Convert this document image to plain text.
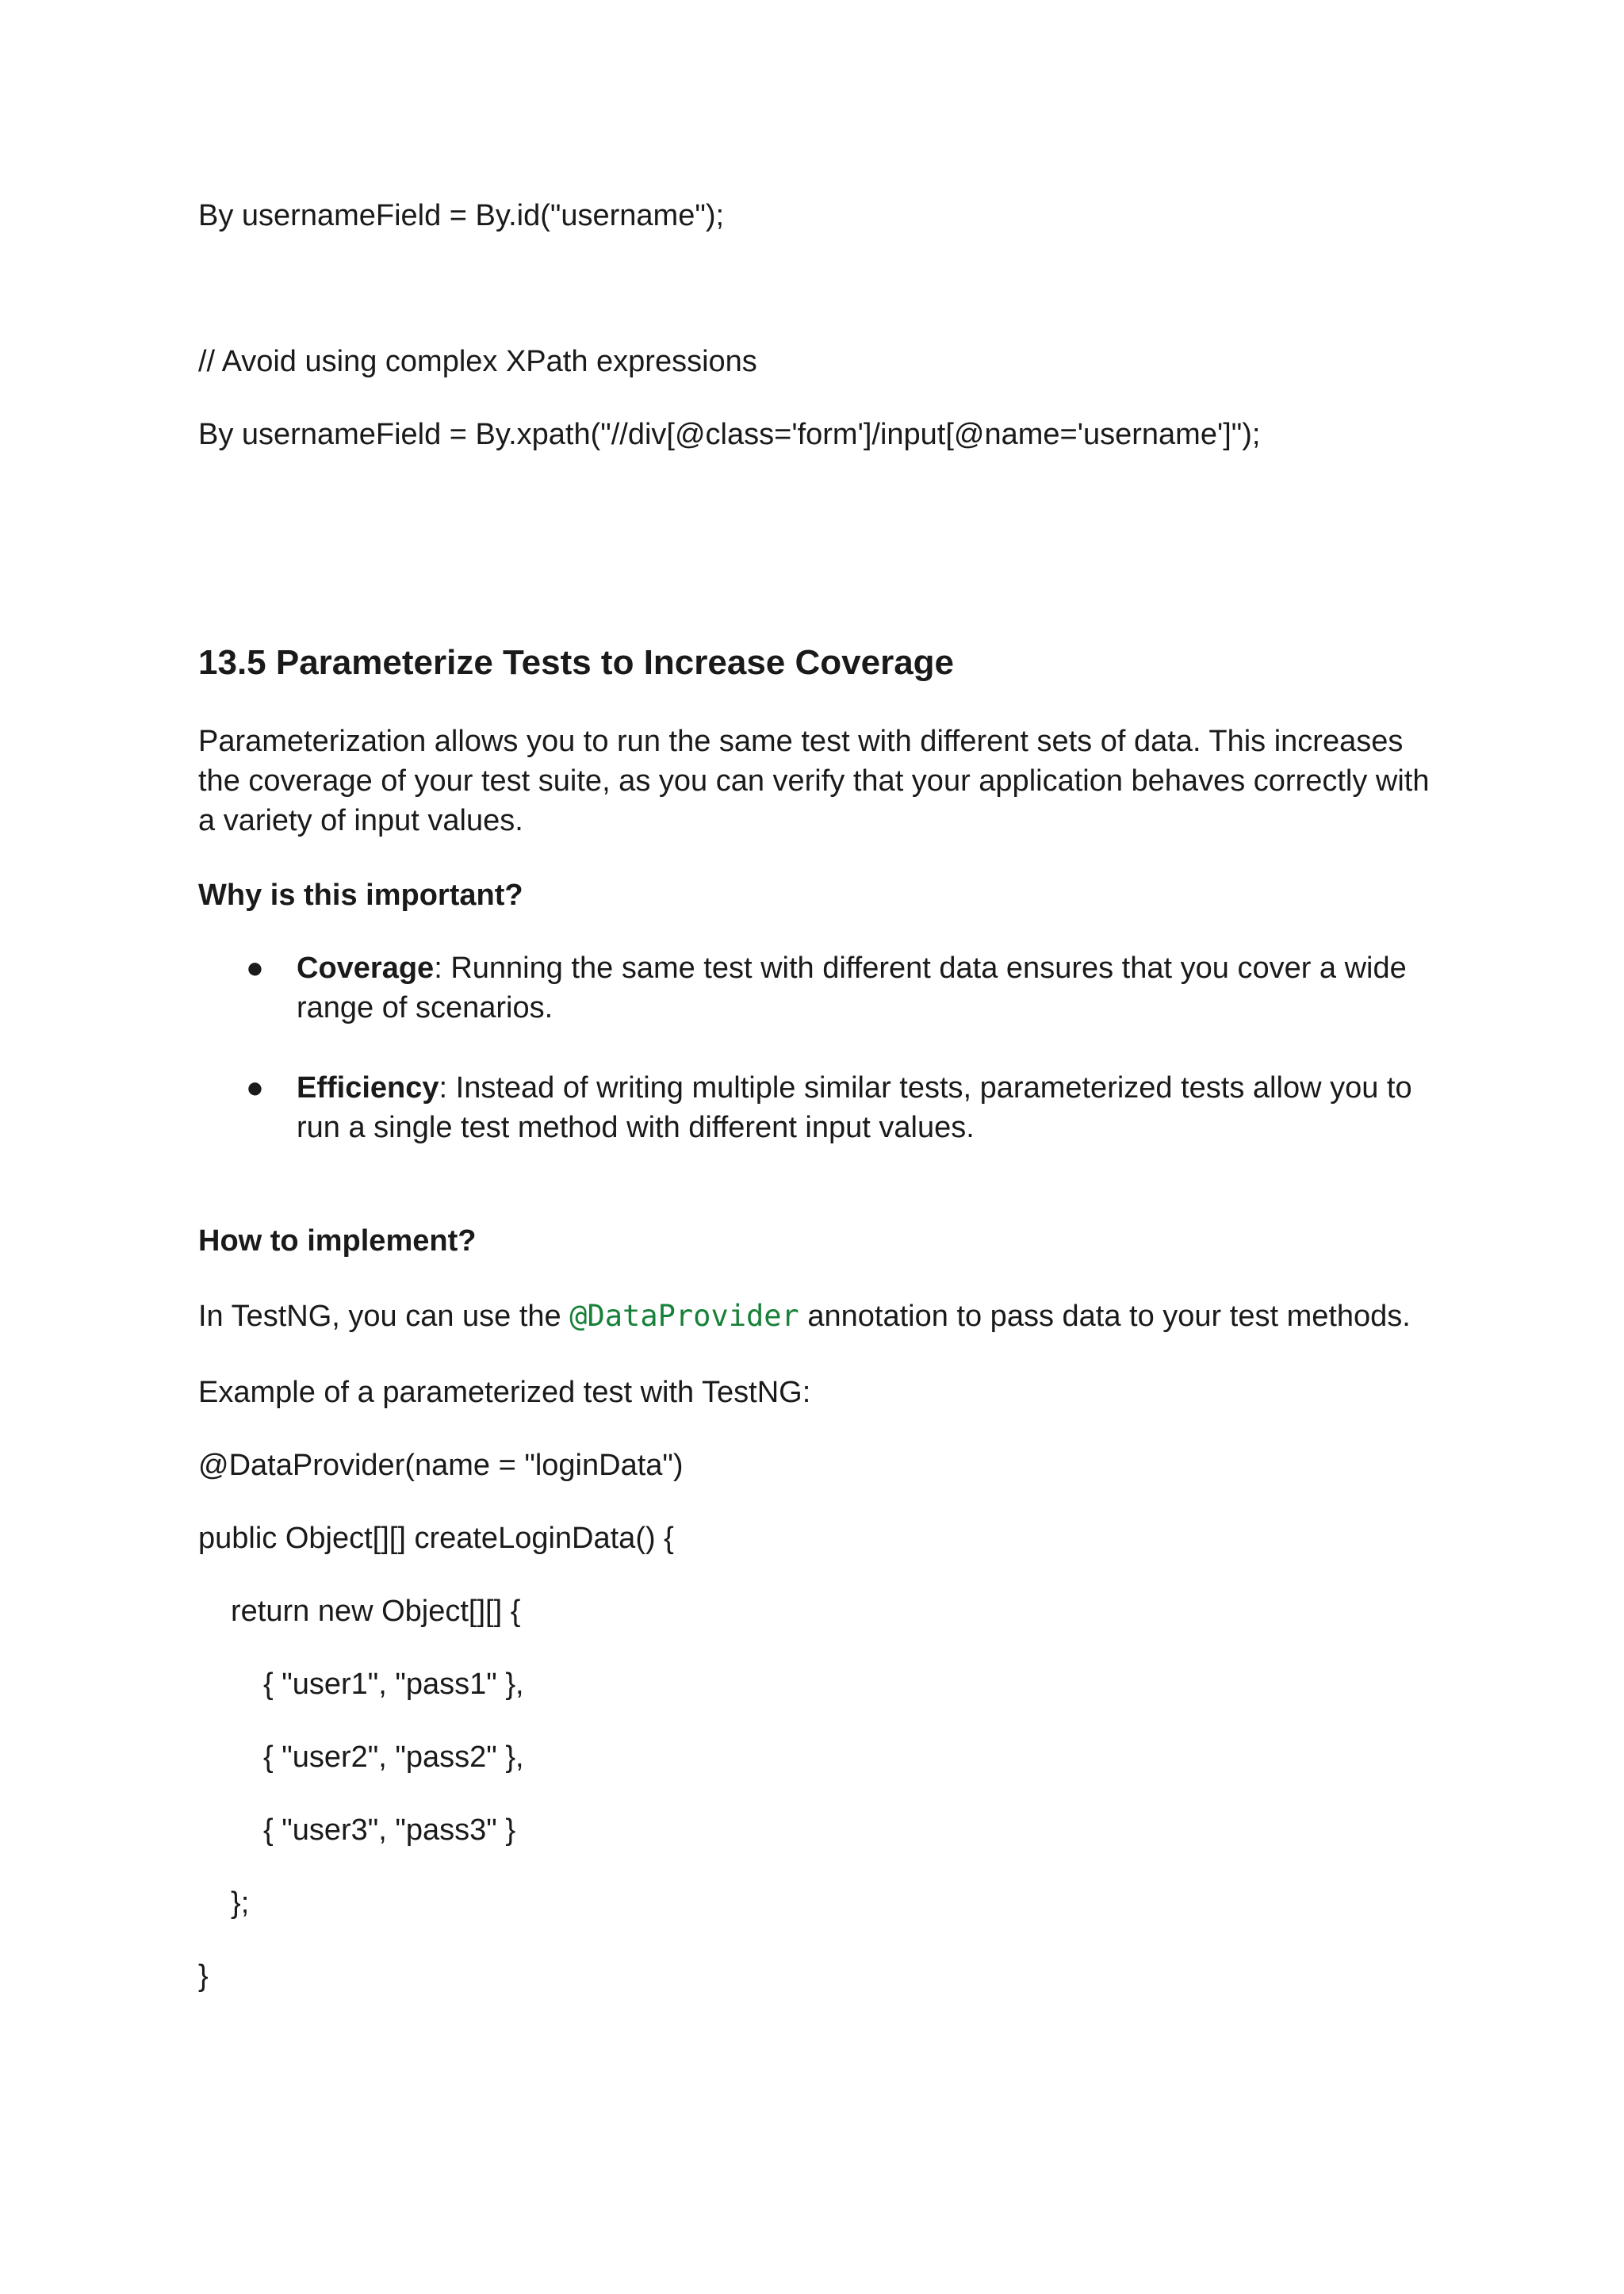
By usernameField = By.id("username");

// Avoid using complex XPath expressions

By usernameField = By.xpath("//div[@class='form']/input[@name='username']");

13.5 Parameterize Tests to Increase Coverage

Parameterization allows you to run the same test with different sets of data. This increases the coverage of your test suite, as you can verify that your application behaves correctly with a variety of input values.

Why is this important?

●	Coverage: Running the same test with different data ensures that you cover a wide range of scenarios.
●	Efficiency: Instead of writing multiple similar tests, parameterized tests allow you to run a single test method with different input values.

How to implement?

In TestNG, you can use the @DataProvider annotation to pass data to your test methods.

Example of a parameterized test with TestNG:

@DataProvider(name = "loginData")

public Object[][] createLoginData() {

return new Object[][] {

{ "user1", "pass1" },

{ "user2", "pass2" },

{ "user3", "pass3" }

};

}
